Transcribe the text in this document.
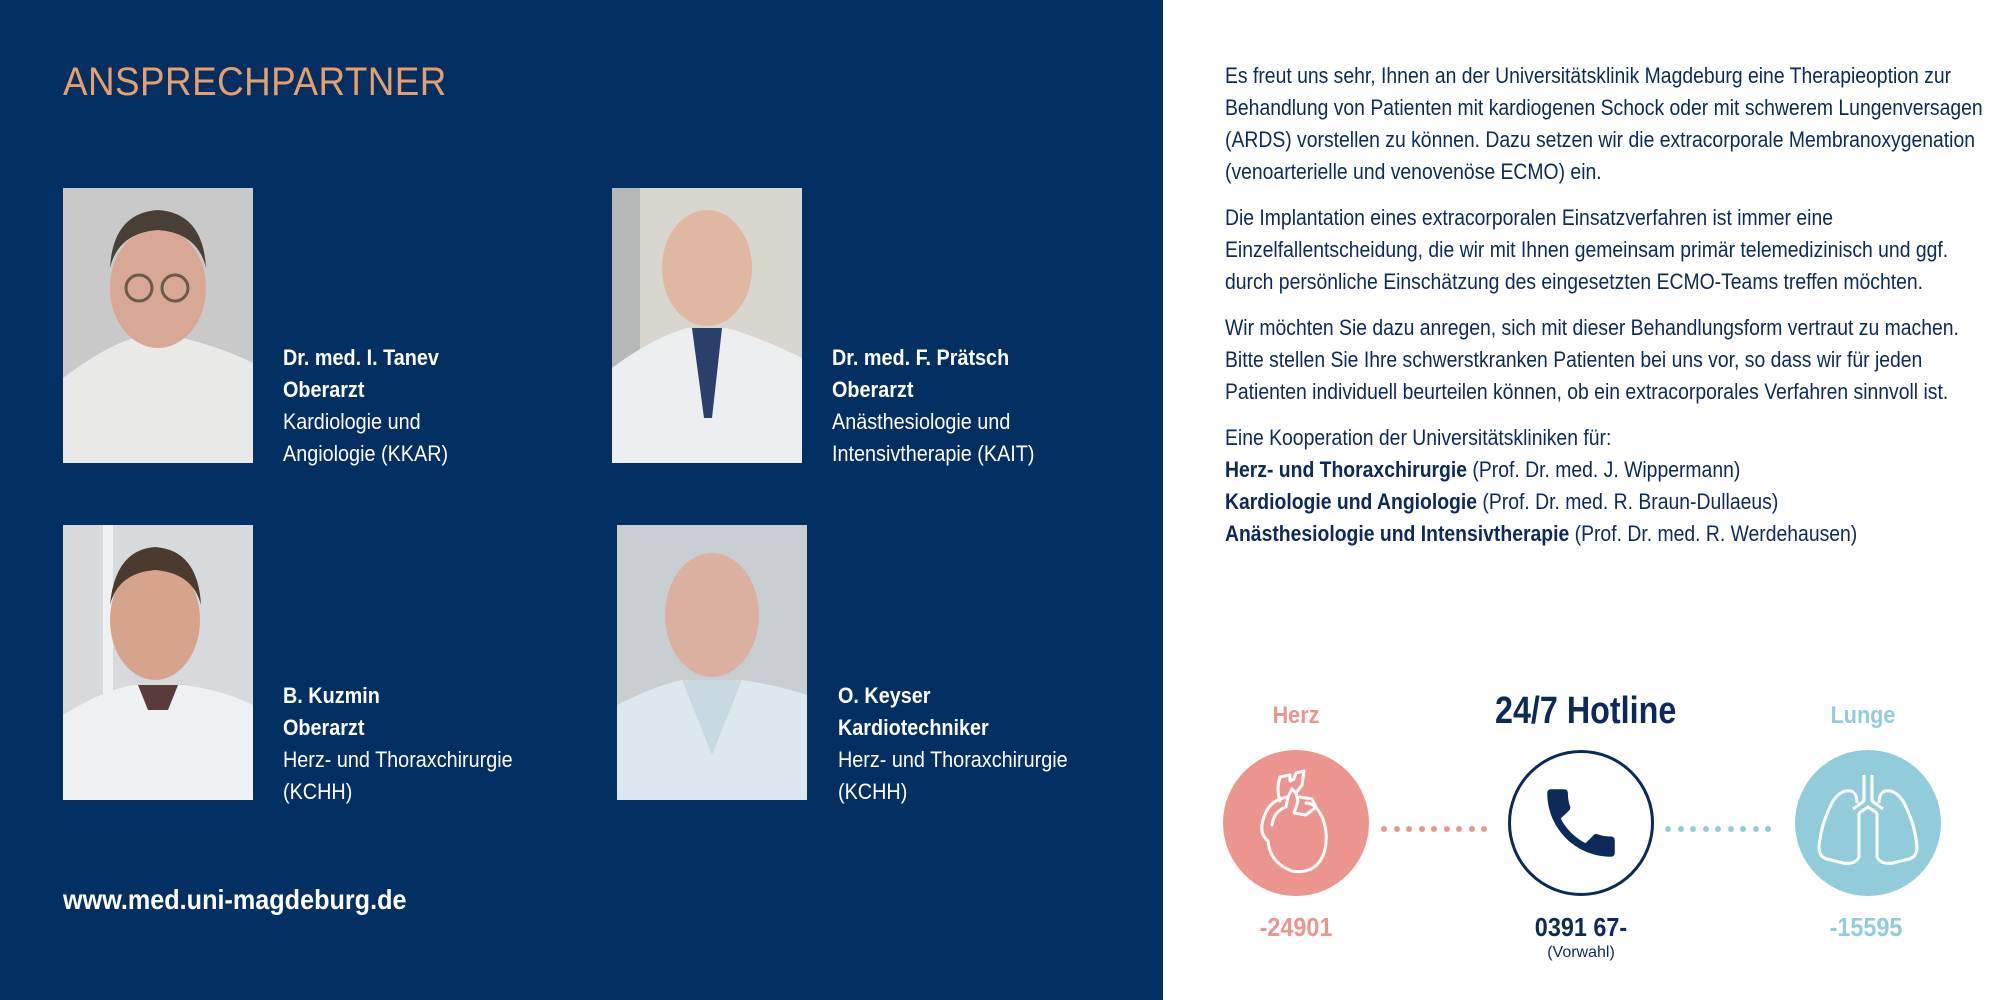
ANSPRECHPARTNER
Dr. med. I. Tanev
Oberarzt
Kardiologie und
Angiologie (KKAR)
Dr. med. F. Prätsch
Oberarzt
Anästhesiologie und
Intensivtherapie (KAIT)
B. Kuzmin
Oberarzt
Herz- und Thoraxchirurgie
(KCHH)
O. Keyser
Kardiotechniker
Herz- und Thoraxchirurgie
(KCHH)
www.med.uni-magdeburg.de

Es freut uns sehr, Ihnen an der Universitätsklinik Magdeburg eine Therapieoption zur Behandlung von Patienten mit kardiogenen Schock oder mit schwerem Lungenversagen (ARDS) vorstellen zu können. Dazu setzen wir die extracorporale Membranoxygenation (venoarterielle und venovenöse ECMO) ein.

Die Implantation eines extracorporalen Einsatzverfahren ist immer eine Einzelfallentscheidung, die wir mit Ihnen gemeinsam primär telemedizinisch und ggf. durch persönliche Einschätzung des eingesetzten ECMO-Teams treffen möchten.

Wir möchten Sie dazu anregen, sich mit dieser Behandlungsform vertraut zu machen. Bitte stellen Sie Ihre schwerstkranken Patienten bei uns vor, so dass wir für jeden Patienten individuell beurteilen können, ob ein extracorporales Verfahren sinnvoll ist.

Eine Kooperation der Universitätskliniken für:
Herz- und Thoraxchirurgie (Prof. Dr. med. J. Wippermann)
Kardiologie und Angiologie (Prof. Dr. med. R. Braun-Dullaeus)
Anästhesiologie und Intensivtherapie (Prof. Dr. med. R. Werdehausen)

Herz	24/7 Hotline	Lunge
-24901	0391 67-
(Vorwahl)
-15595
